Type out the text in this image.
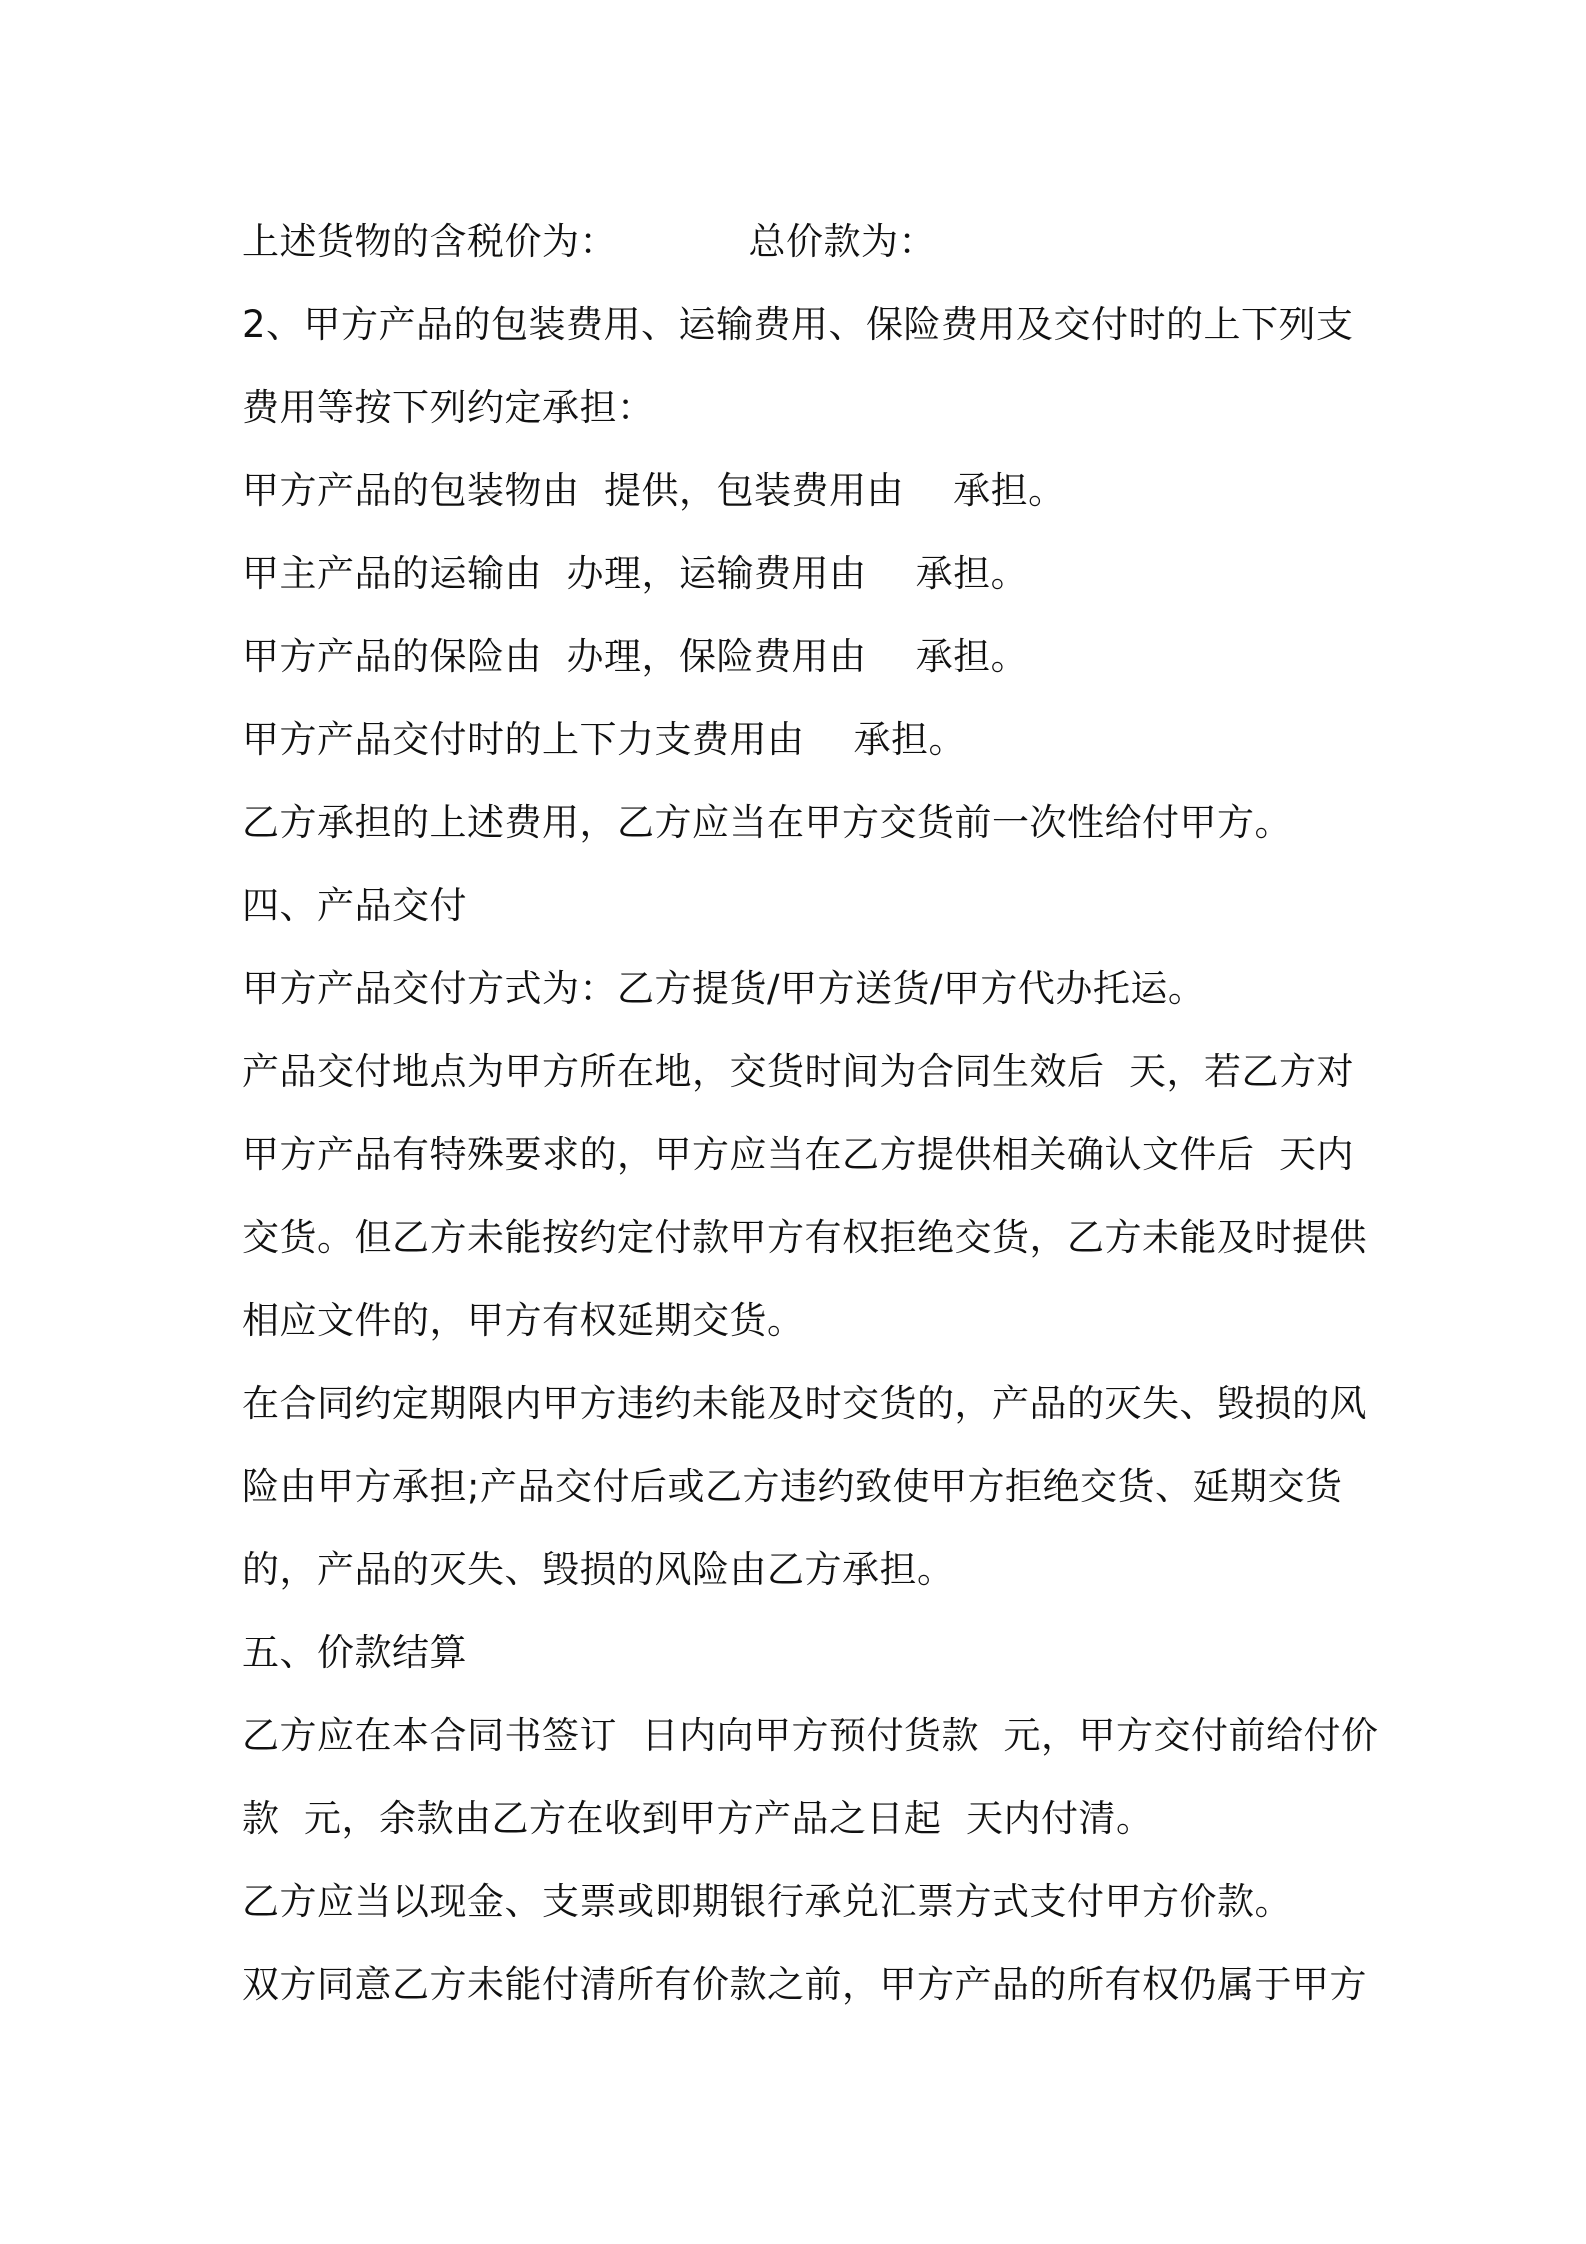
上述货物的含税价为：　　　　总价款为：
2、甲方产品的包装费用、运输费用、保险费用及交付时的上下列支
费用等按下列约定承担：
甲方产品的包装物由  提供，包装费用由    承担。
甲主产品的运输由  办理，运输费用由    承担。
甲方产品的保险由  办理，保险费用由    承担。
甲方产品交付时的上下力支费用由    承担。
乙方承担的上述费用，乙方应当在甲方交货前一次性给付甲方。
四、产品交付
甲方产品交付方式为：乙方提货/甲方送货/甲方代办托运。
产品交付地点为甲方所在地，交货时间为合同生效后  天，若乙方对
甲方产品有特殊要求的，甲方应当在乙方提供相关确认文件后  天内
交货。但乙方未能按约定付款甲方有权拒绝交货，乙方未能及时提供
相应文件的，甲方有权延期交货。
在合同约定期限内甲方违约未能及时交货的，产品的灭失、毁损的风
险由甲方承担;产品交付后或乙方违约致使甲方拒绝交货、延期交货
的，产品的灭失、毁损的风险由乙方承担。
五、价款结算
乙方应在本合同书签订  日内向甲方预付货款  元，甲方交付前给付价
款  元，余款由乙方在收到甲方产品之日起  天内付清。
乙方应当以现金、支票或即期银行承兑汇票方式支付甲方价款。
双方同意乙方未能付清所有价款之前，甲方产品的所有权仍属于甲方
